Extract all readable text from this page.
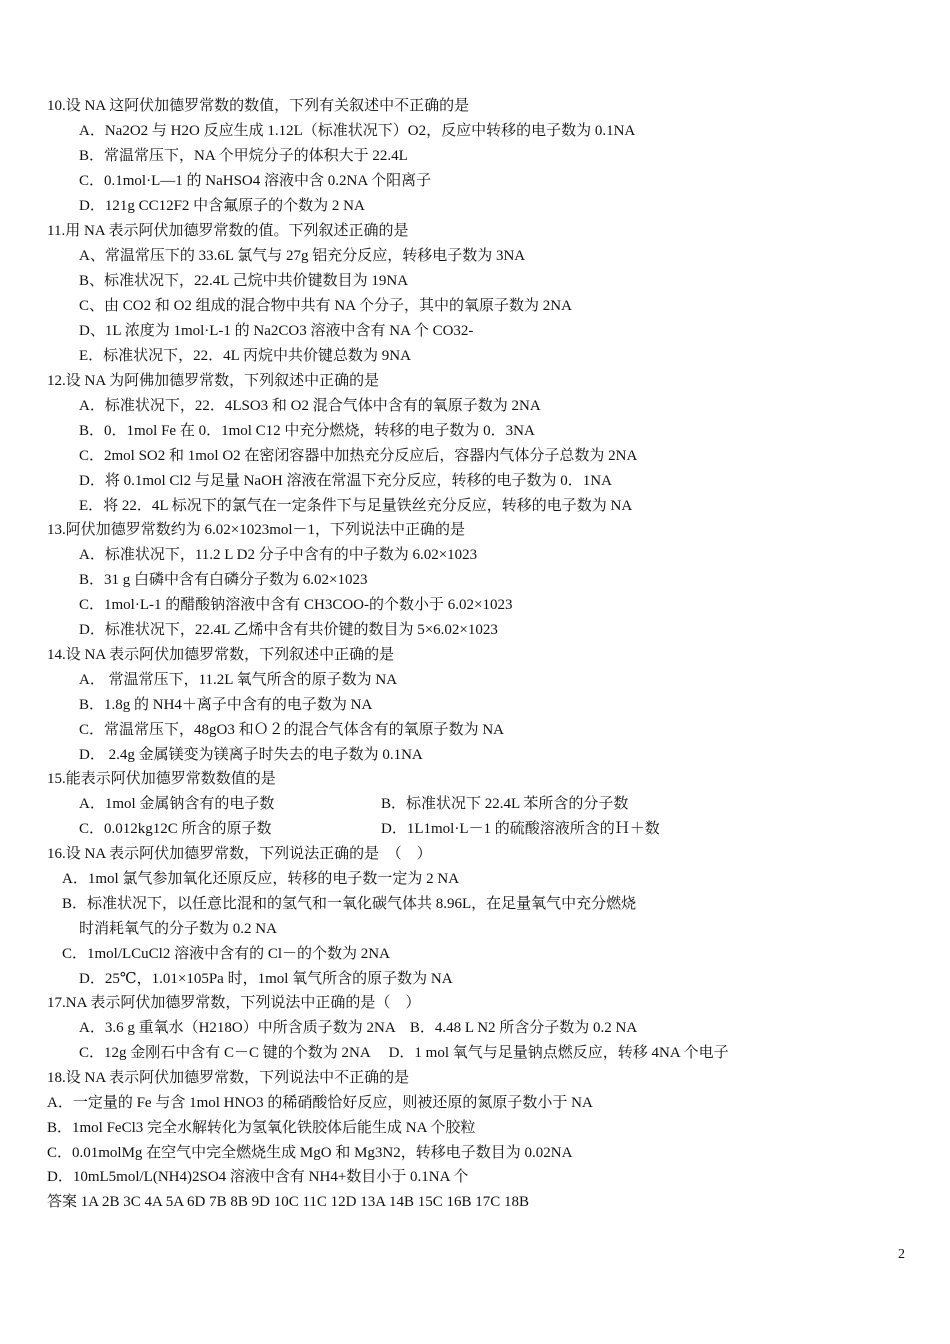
10.设 NA 这阿伏加德罗常数的数值，下列有关叙述中不正确的是
A．Na2O2 与 H2O 反应生成 1.12L（标准状况下）O2，反应中转移的电子数为 0.1NA
B．常温常压下，NA 个甲烷分子的体积大于 22.4L
C．0.1mol·L—1 的 NaHSO4 溶液中含 0.2NA 个阳离子
D．121g CC12F2 中含氟原子的个数为 2 NA
11.用 NA 表示阿伏加德罗常数的值。下列叙述正确的是
A、常温常压下的 33.6L 氯气与 27g 铝充分反应，转移电子数为 3NA
B、标准状况下，22.4L 己烷中共价键数目为 19NA
C、由 CO2 和 O2 组成的混合物中共有 NA 个分子，其中的氧原子数为 2NA
D、1L 浓度为 1mol·L-1 的 Na2CO3 溶液中含有 NA 个 CO32-
E．标准状况下，22．4L 丙烷中共价键总数为 9NA
12.设 NA 为阿佛加德罗常数，下列叙述中正确的是
A．标准状况下，22．4LSO3 和 O2 混合气体中含有的氧原子数为 2NA
B．0．1mol Fe 在 0．1mol C12 中充分燃烧，转移的电子数为 0．3NA
C．2mol SO2 和 1mol O2 在密闭容器中加热充分反应后，容器内气体分子总数为 2NA
D．将 0.1mol Cl2 与足量 NaOH 溶液在常温下充分反应，转移的电子数为 0．1NA
E．将 22．4L 标况下的氯气在一定条件下与足量铁丝充分反应，转移的电子数为 NA
13.阿伏加德罗常数约为 6.02×1023mol－1，下列说法中正确的是
A．标准状况下，11.2 L D2 分子中含有的中子数为 6.02×1023
B．31 g 白磷中含有白磷分子数为 6.02×1023
C．1mol·L-1 的醋酸钠溶液中含有 CH3COO-的个数小于 6.02×1023
D．标准状况下，22.4L 乙烯中含有共价键的数目为 5×6.02×1023
14.设 NA 表示阿伏加德罗常数，下列叙述中正确的是
A． 常温常压下，11.2L 氧气所含的原子数为 NA
B．1.8g 的 NH4＋离子中含有的电子数为 NA
C．常温常压下，48gO3 和Ｏ２的混合气体含有的氧原子数为 NA
D． 2.4g 金属镁变为镁离子时失去的电子数为 0.1NA
15.能表示阿伏加德罗常数数值的是
A．1mol 金属钠含有的电子数	B．标准状况下 22.4L 苯所含的分子数
C．0.012kg12C 所含的原子数	D．1L1mol·L－1 的硫酸溶液所含的Ｈ＋数
16.设 NA 表示阿伏加德罗常数，下列说法正确的是　（　）
A．1mol 氯气参加氧化还原反应，转移的电子数一定为 2 NA
B．标准状况下，以任意比混和的氢气和一氧化碳气体共 8.96L，在足量氧气中充分燃烧
时消耗氧气的分子数为 0.2 NA
C．1mol/LCuCl2 溶液中含有的 Cl－的个数为 2NA
D．25℃，1.01×105Pa 时，1mol 氧气所含的原子数为 NA
17.NA 表示阿伏加德罗常数，下列说法中正确的是（　）
A．3.6 g 重氧水（H218O）中所含质子数为 2NA　B．4.48 L N2 所含分子数为 0.2 NA
C．12g 金刚石中含有 C－C 键的个数为 2NA　 D．1 mol 氧气与足量钠点燃反应，转移 4NA 个电子
18.设 NA 表示阿伏加德罗常数，下列说法中不正确的是
A．一定量的 Fe 与含 1mol HNO3 的稀硝酸恰好反应，则被还原的氮原子数小于 NA
B．1mol FeCl3 完全水解转化为氢氧化铁胶体后能生成 NA 个胶粒
C．0.01molMg 在空气中完全燃烧生成 MgO 和 Mg3N2，转移电子数目为 0.02NA
D．10mL5mol/L(NH4)2SO4 溶液中含有 NH4+数目小于 0.1NA 个
答案 1A 2B 3C 4A 5A 6D 7B 8B 9D 10C 11C 12D 13A 14B 15C 16B 17C 18B
2
